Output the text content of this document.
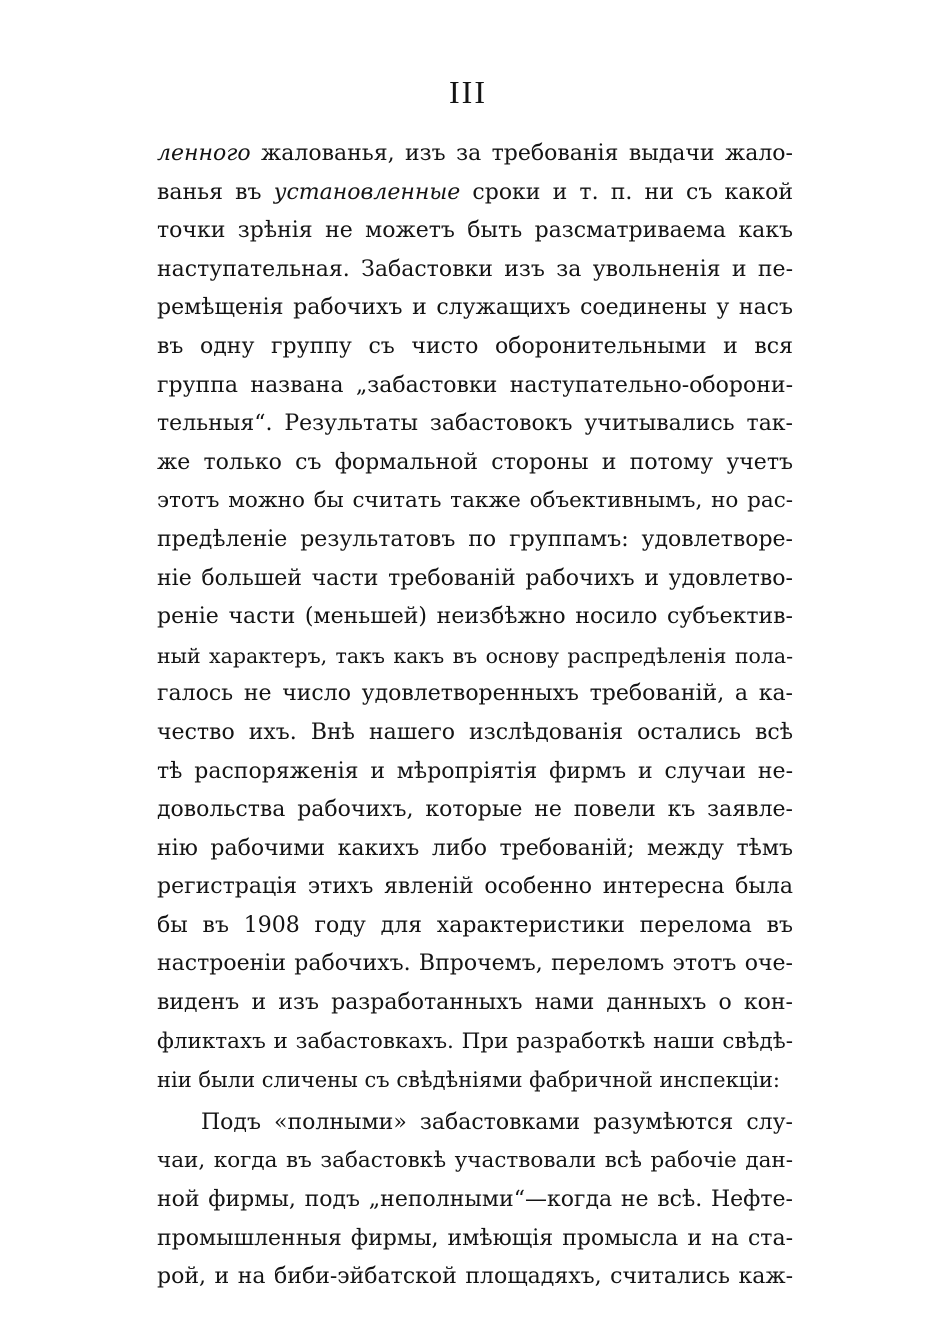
III
ленного жалованья, изъ за требованія выдачи жало-
ванья въ установленные сроки и т. п. ни съ какой
точки зрѣнія не можетъ быть разсматриваема какъ
наступательная. Забастовки изъ за увольненія и пе-
ремѣщенія рабочихъ и служащихъ соединены у насъ
въ одну группу съ чисто оборонительными и вся
группа названа „забастовки наступательно-оборони-
тельныя“. Результаты забастовокъ учитывались так-
же только съ формальной стороны и потому учетъ
этотъ можно бы считать также объективнымъ, но рас-
предѣленіе результатовъ по группамъ: удовлетворе-
ніе большей части требованій рабочихъ и удовлетво-
реніе части (меньшей) неизбѣжно носило субъектив-
ный характеръ, такъ какъ въ основу распредѣленія пола-
галось не число удовлетворенныхъ требованій, а ка-
чество ихъ. Внѣ нашего изслѣдованія остались всѣ
тѣ распоряженія и мѣропріятія фирмъ и случаи не-
довольства рабочихъ, которые не повели къ заявле-
нію рабочими какихъ либо требованій; между тѣмъ
регистрація этихъ явленій особенно интересна была
бы въ 1908 году для характеристики перелома въ
настроеніи рабочихъ. Впрочемъ, переломъ этотъ оче-
виденъ и изъ разработанныхъ нами данныхъ о кон-
фликтахъ и забастовкахъ. При разработкѣ наши свѣдѣ-
ніи были сличены съ свѣдѣніями фабричной инспекціи:
Подъ «полными» забастовками разумѣются слу-
чаи, когда въ забастовкѣ участвовали всѣ рабочіе дан-
ной фирмы, подъ „неполными“—когда не всѣ. Нефте-
промышленныя фирмы, имѣющія промысла и на ста-
рой, и на биби-эйбатской площадяхъ, считались каж-
